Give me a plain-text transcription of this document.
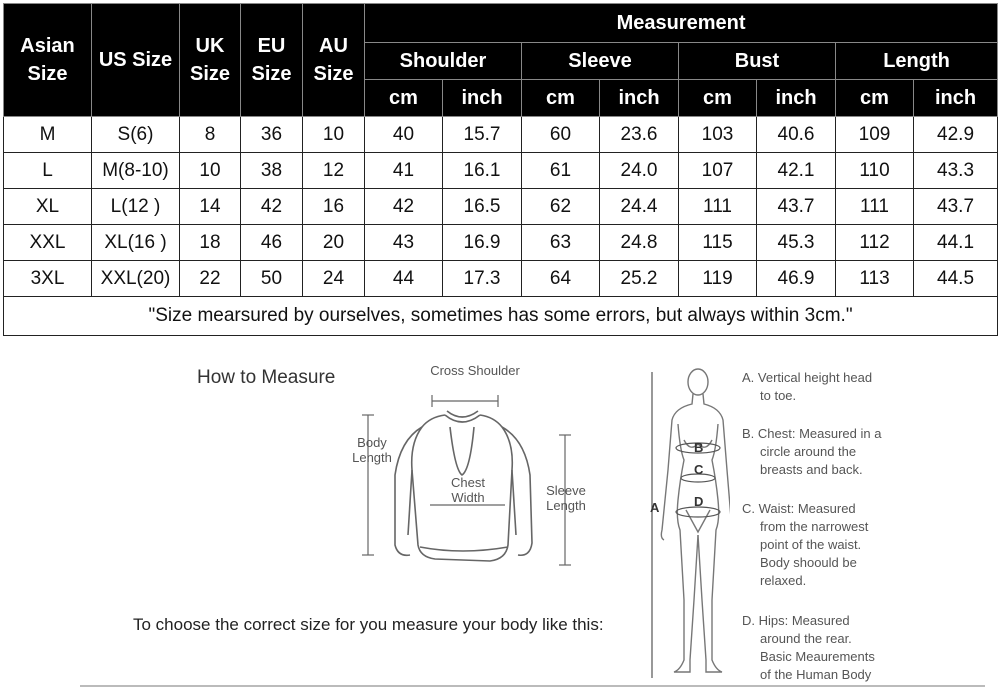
Asian Size	US Size	UK Size	EU Size	AU Size	Measurement							
					Shoulder		Sleeve		Bust		Length	
					cm	inch	cm	inch	cm	inch	cm	inch
M	S(6)	8	36	10	40	15.7	60	23.6	103	40.6	109	42.9
L	M(8-10)	10	38	12	41	16.1	61	24.0	107	42.1	110	43.3
XL	L(12 )	14	42	16	42	16.5	62	24.4	111	43.7	111	43.7
XXL	XL(16 )	18	46	20	43	16.9	63	24.8	115	45.3	112	44.1
3XL	XXL(20)	22	50	24	44	17.3	64	25.2	119	46.9	113	44.5
"Size mearsured by ourselves, sometimes has some errors, but always within 3cm."												
How to Measure	Cross Shoulder
Body Length
Chest Width	Sleeve Length
To choose the correct size for you measure your body like this:
A
B
C
D
A. Vertical height head
to toe.
B. Chest: Measured in a
circle around the
breasts and back.
C. Waist: Measured
from the narrowest
point of the waist.
Body shoould be
relaxed.
D. Hips: Measured
around the rear.
Basic Meaurements
of the Human Body
